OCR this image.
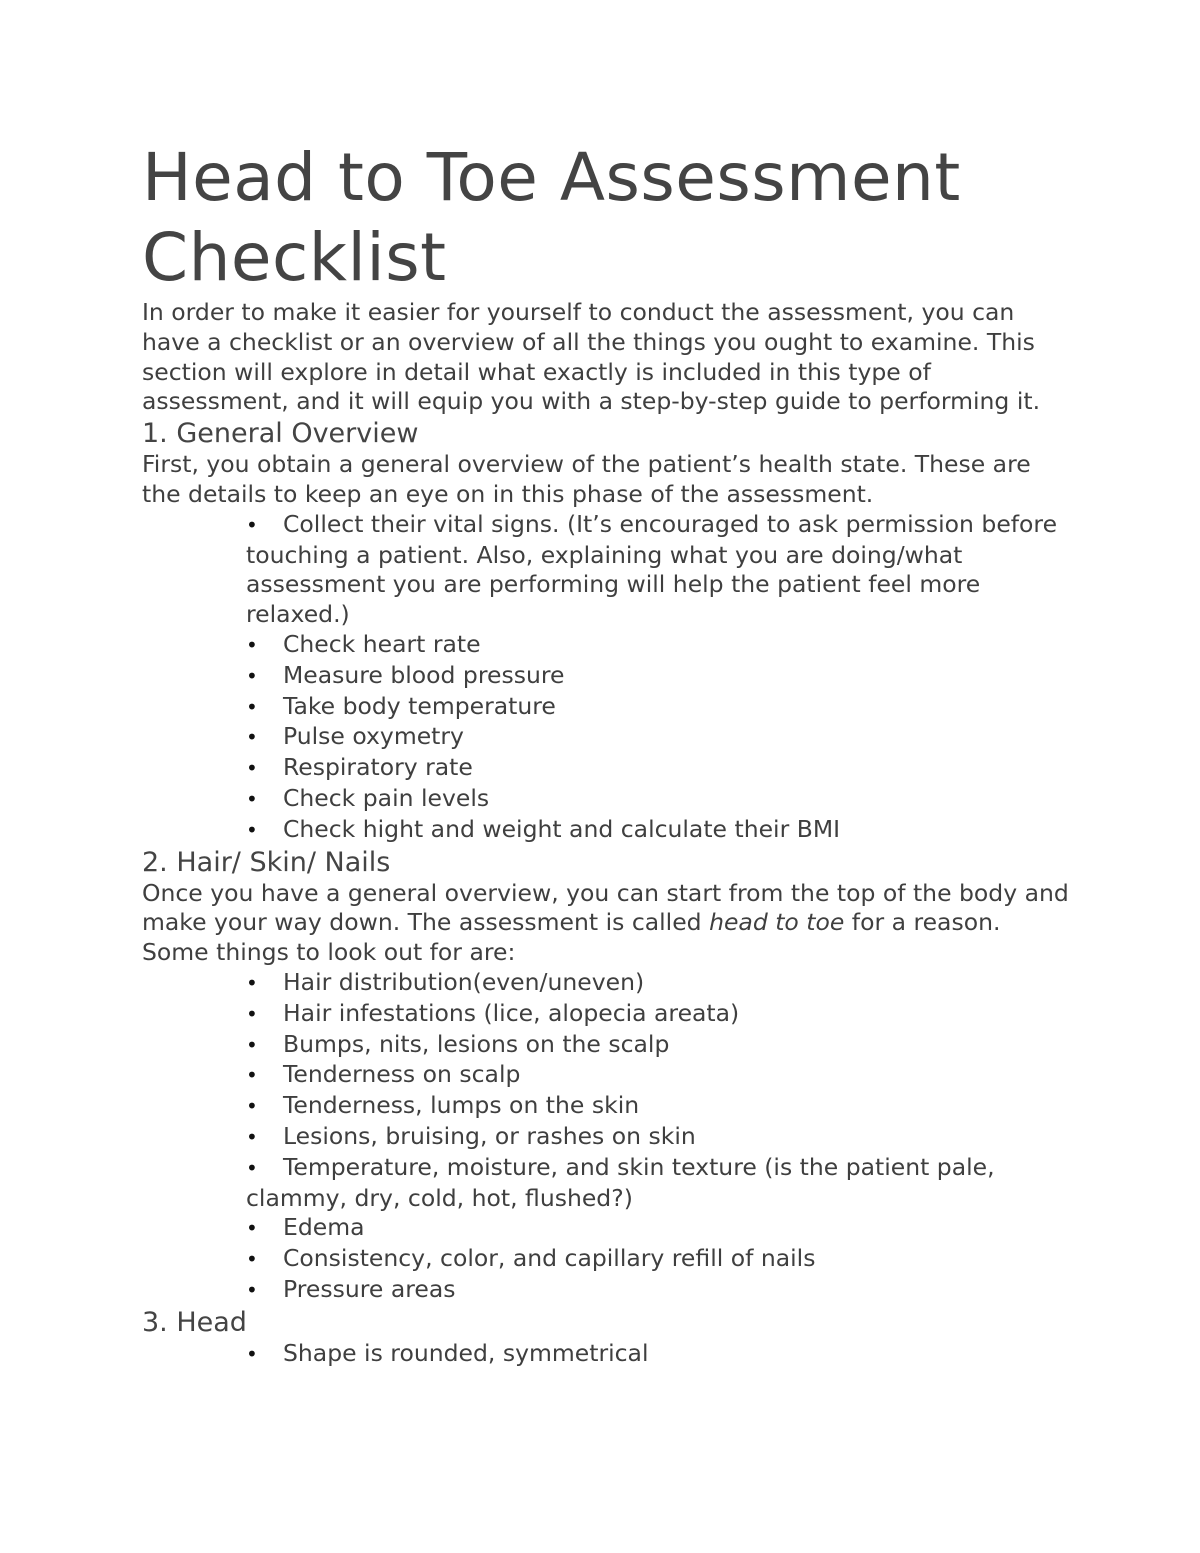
Head to Toe Assessment Checklist

In order to make it easier for yourself to conduct the assessment, you can have a checklist or an overview of all the things you ought to examine. This section will explore in detail what exactly is included in this type of assessment, and it will equip you with a step-by-step guide to performing it.

1. General Overview

First, you obtain a general overview of the patient’s health state. These are the details to keep an eye on in this phase of the assessment.

• Collect their vital signs. (It’s encouraged to ask permission before touching a patient. Also, explaining what you are doing/what assessment you are performing will help the patient feel more relaxed.)
• Check heart rate
• Measure blood pressure
• Take body temperature
• Pulse oxymetry
• Respiratory rate
• Check pain levels
• Check hight and weight and calculate their BMI
2. Hair/ Skin/ Nails

Once you have a general overview, you can start from the top of the body and make your way down. The assessment is called head to toe for a reason. Some things to look out for are:

• Hair distribution(even/uneven)
• Hair infestations (lice, alopecia areata)
• Bumps, nits, lesions on the scalp
• Tenderness on scalp
• Tenderness, lumps on the skin
• Lesions, bruising, or rashes on skin
• Temperature, moisture, and skin texture (is the patient pale, clammy, dry, cold, hot, flushed?)
• Edema
• Consistency, color, and capillary refill of nails
• Pressure areas
3. Head
• Shape is rounded, symmetrical
